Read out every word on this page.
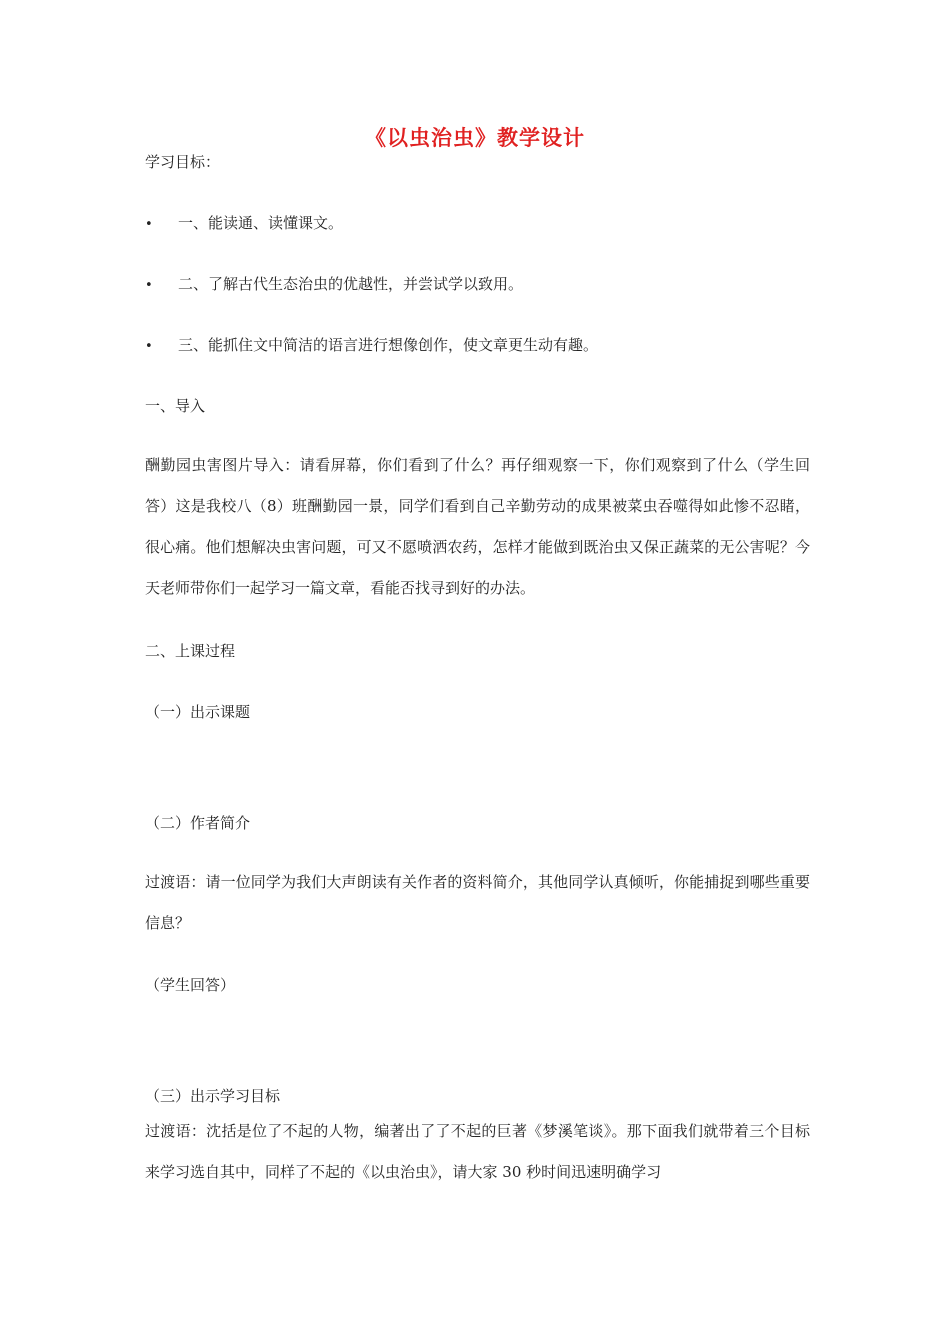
《以虫治虫》教学设计
学习目标：
• 一、能读通、读懂课文。
• 二、了解古代生态治虫的优越性，并尝试学以致用。
• 三、能抓住文中简洁的语言进行想像创作，使文章更生动有趣。
一、导入
酬勤园虫害图片导入：请看屏幕，你们看到了什么？再仔细观察一下，你们观察到了什么（学生回答）这是我校八（8）班酬勤园一景，同学们看到自己辛勤劳动的成果被菜虫吞噬得如此惨不忍睹，很心痛。他们想解决虫害问题，可又不愿喷洒农药，怎样才能做到既治虫又保正蔬菜的无公害呢？今天老师带你们一起学习一篇文章，看能否找寻到好的办法。
二、上课过程
（一）出示课题
（二）作者简介
过渡语：请一位同学为我们大声朗读有关作者的资料简介，其他同学认真倾听，你能捕捉到哪些重要信息？
（学生回答）
（三）出示学习目标
过渡语：沈括是位了不起的人物，编著出了了不起的巨著《梦溪笔谈》。那下面我们就带着三个目标来学习选自其中，同样了不起的《以虫治虫》，请大家 30 秒时间迅速明确学习
